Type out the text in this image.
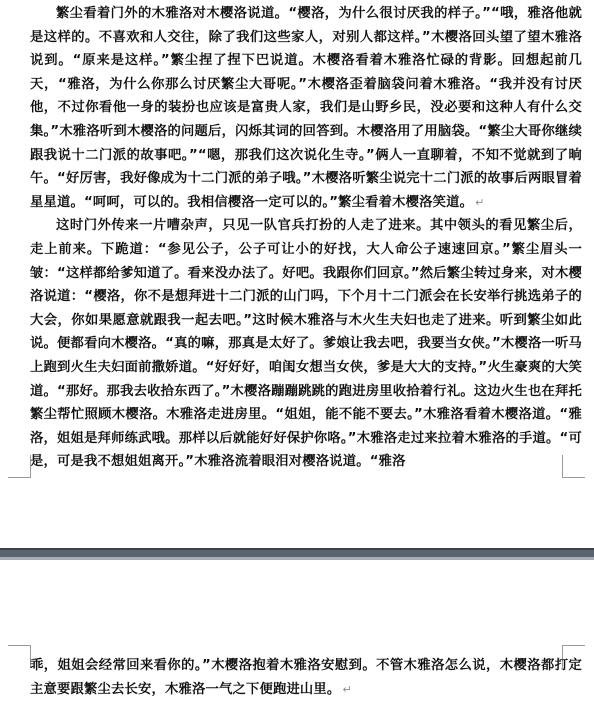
繁尘看着门外的木雅洛对木樱洛说道。“樱洛，为什么很讨厌我的样子。”“哦，雅洛他就是这样的。不喜欢和人交往，除了我们这些家人，对别人都这样。”木樱洛回头望了望木雅洛说到。“原来是这样。”繁尘捏了捏下巴说道。木樱洛看着木雅洛忙碌的背影。回想起前几天，“雅洛，为什么你那么讨厌繁尘大哥呢。”木樱洛歪着脑袋问着木雅洛。“我并没有讨厌他，不过你看他一身的装扮也应该是富贵人家，我们是山野乡民，没必要和这种人有什么交集。”木雅洛听到木樱洛的问题后，闪烁其词的回答到。木樱洛用了用脑袋。“繁尘大哥你继续跟我说十二门派的故事吧。”“嗯，那我们这次说化生寺。”俩人一直聊着，不知不觉就到了晌午。“好厉害，我好像成为十二门派的弟子哦。”木樱洛听繁尘说完十二门派的故事后两眼冒着星星道。“呵呵，可以的。我相信樱洛一定可以的。”繁尘看着木樱洛笑道。 ↵

这时门外传来一片嘈杂声，只见一队官兵打扮的人走了进来。其中领头的看见繁尘后，走上前来。下跪道：“参见公子，公子可让小的好找，大人命公子速速回京。”繁尘眉头一皱：“这样都给爹知道了。看来没办法了。好吧。我跟你们回京。”然后繁尘转过身来，对木樱洛说道：“樱洛，你不是想拜进十二门派的山门吗，下个月十二门派会在长安举行挑选弟子的大会，你如果愿意就跟我一起去吧。”这时候木雅洛与木火生夫妇也走了进来。听到繁尘如此说。便都看向木樱洛。“真的嘛，那真是太好了。爹娘让我去吧，我要当女侠。”木樱洛一听马上跑到火生夫妇面前撒娇道。“好好好，咱闺女想当女侠，爹是大大的支持。”火生豪爽的大笑道。“那好。那我去收拾东西了。”木樱洛蹦蹦跳跳的跑进房里收拾着行礼。这边火生也在拜托繁尘帮忙照顾木樱洛。木雅洛走进房里。“姐姐，能不能不要去。”木雅洛看着木樱洛道。“雅洛，姐姐是拜师练武哦。那样以后就能好好保护你咯。”木雅洛走过来拉着木雅洛的手道。“可是，可是我不想姐姐离开。”木雅洛流着眼泪对樱洛说道。“雅洛

乖，姐姐会经常回来看你的。”木樱洛抱着木雅洛安慰到。不管木雅洛怎么说，木樱洛都打定主意要跟繁尘去长安，木雅洛一气之下便跑进山里。 ↵
